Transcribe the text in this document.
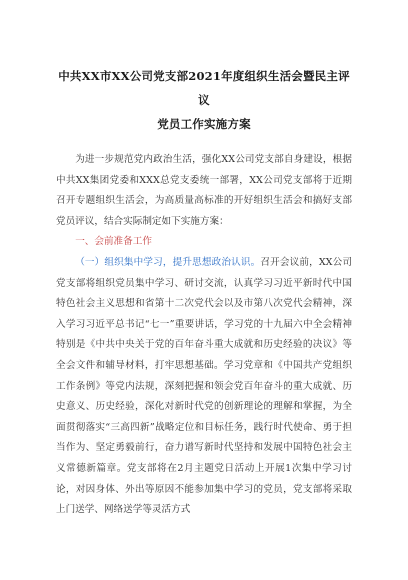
中共XX市XX公司党支部2021年度组织生活会暨民主评议
党员工作实施方案

为进一步规范党内政治生活，强化XX公司党支部自身建设，根据中共XX集团党委和XXX总党支委统一部署，XX公司党支部将于近期召开专题组织生活会，为高质量高标准的开好组织生活会和搞好支部党员评议，结合实际制定如下实施方案：

一、会前准备工作

（一）组织集中学习，提升思想政治认识。召开会议前，XX公司党支部将组织党员集中学习、研讨交流，认真学习习近平新时代中国特色社会主义思想和省第十二次党代会以及市第八次党代会精神，深入学习习近平总书记“七一”重要讲话，学习党的十九届六中全会精神特别是《中共中央关于党的百年奋斗重大成就和历史经验的决议》等全会文件和辅导材料，打牢思想基础。学习党章和《中国共产党组织工作条例》等党内法规，深刻把握和领会党百年奋斗的重大成就、历史意义、历史经验，深化对新时代党的创新理论的理解和掌握，为全面贯彻落实“三高四新”战略定位和目标任务，践行时代使命、勇于担当作为、坚定勇毅前行，奋力谱写新时代坚持和发展中国特色社会主义常德新篇章。党支部将在2月主题党日活动上开展1次集中学习讨论，对因身体、外出等原因不能参加集中学习的党员，党支部将采取上门送学、网络送学等灵活方式
